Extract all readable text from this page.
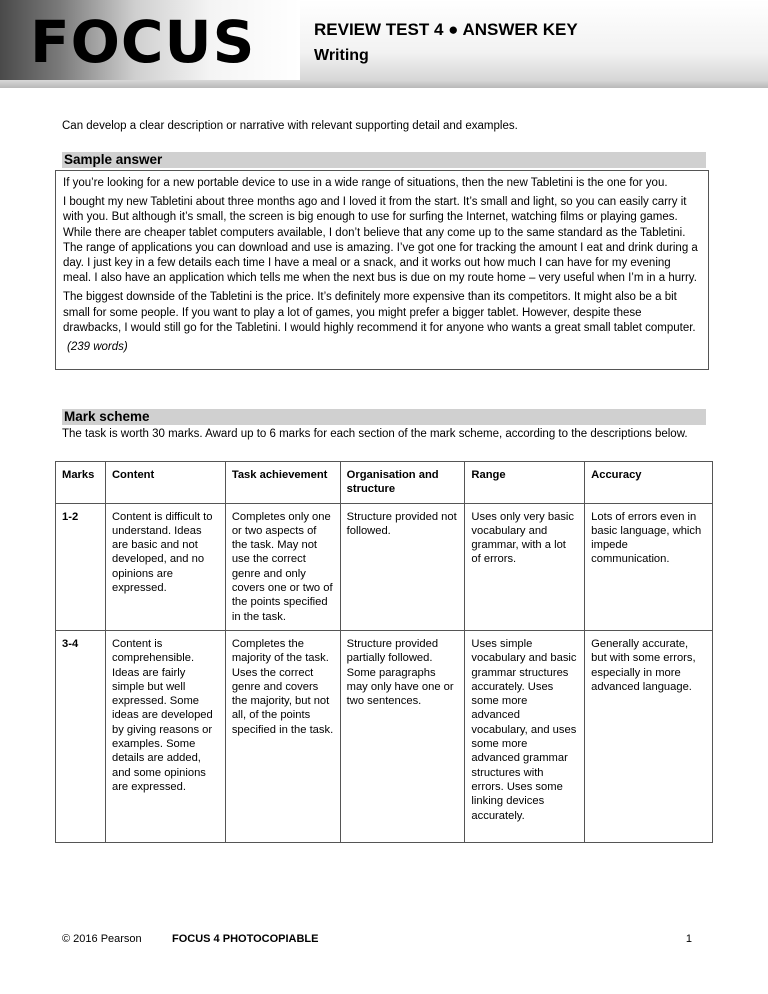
FOCUS	REVIEW TEST 4 ● ANSWER KEY
Writing
Can develop a clear description or narrative with relevant supporting detail and examples.
Sample answer

If you’re looking for a new portable device to use in a wide range of situations, then the new Tabletini is the one for you.

I bought my new Tabletini about three months ago and I loved it from the start. It’s small and light, so you can easily carry it with you. But although it’s small, the screen is big enough to use for surfing the Internet, watching films or playing games. While there are cheaper tablet computers available, I don’t believe that any come up to the same standard as the Tabletini. The range of applications you can download and use is amazing. I’ve got one for tracking the amount I eat and drink during a day. I just key in a few details each time I have a meal or a snack, and it works out how much I can have for my evening meal. I also have an application which tells me when the next bus is due on my route home – very useful when I’m in a hurry.

The biggest downside of the Tabletini is the price. It’s definitely more expensive than its competitors. It might also be a bit small for some people. If you want to play a lot of games, you might prefer a bigger tablet. However, despite these drawbacks, I would still go for the Tabletini. I would highly recommend it for anyone who wants a great small tablet computer.

(239 words)

Mark scheme
The task is worth 30 marks. Award up to 6 marks for each section of the mark scheme, according to the descriptions below.
Marks	Content	Task achievement	Organisation and structure	Range	Accuracy
1-2	Content is difficult to understand. Ideas are basic and not developed, and no opinions are expressed.	Completes only one or two aspects of the task. May not use the correct genre and only covers one or two of the points specified in the task.	Structure provided not followed.	Uses only very basic vocabulary and grammar, with a lot of errors.	Lots of errors even in basic language, which impede communication.
3-4	Content is comprehensible. Ideas are fairly simple but well expressed. Some ideas are developed by giving reasons or examples. Some details are added, and some opinions are expressed.	Completes the majority of the task. Uses the correct genre and covers the majority, but not all, of the points specified in the task.	Structure provided partially followed. Some paragraphs may only have one or two sentences.	Uses simple vocabulary and basic grammar structures accurately. Uses some more advanced vocabulary, and uses some more advanced grammar structures with errors. Uses some linking devices accurately.	Generally accurate, but with some errors, especially in more advanced language.
© 2016 Pearson	FOCUS 4 PHOTOCOPIABLE	1
